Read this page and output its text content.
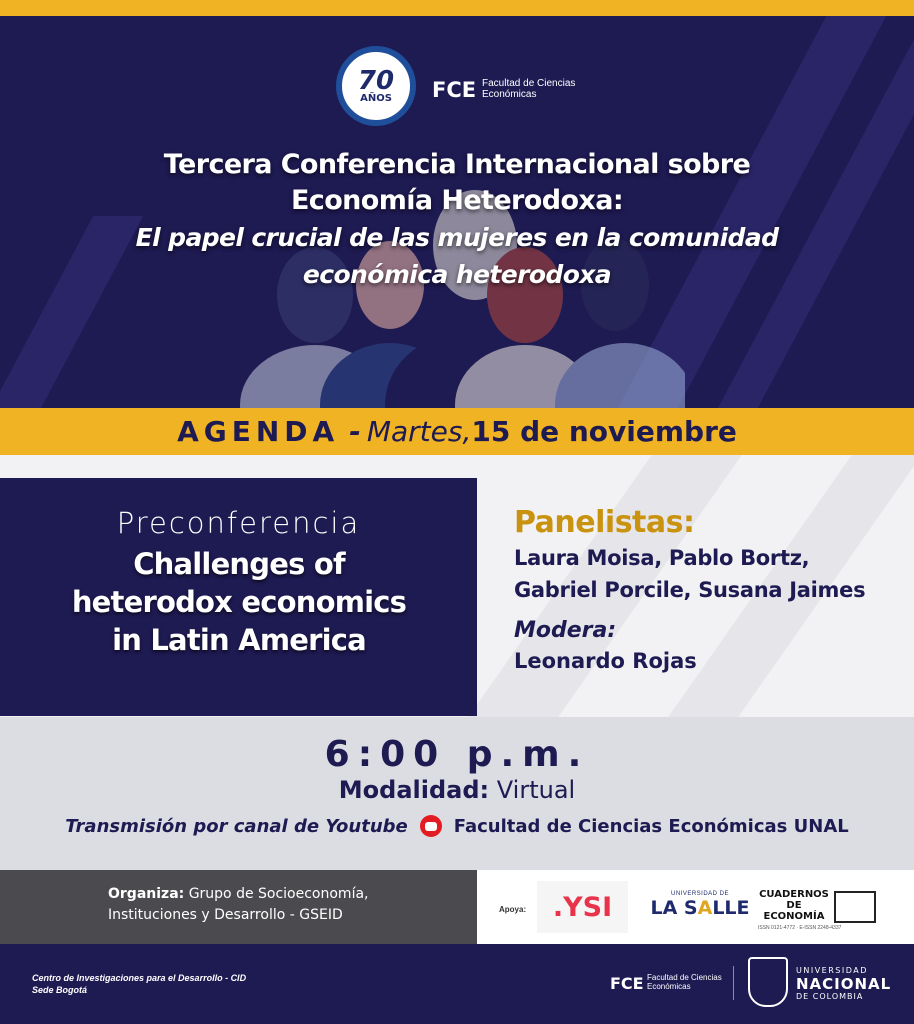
70
AÑOS FCE Facultad de Ciencias Económicas
Tercera Conferencia Internacional sobre
Economía Heterodoxa:
El papel crucial de las mujeres en la comunidad
económica heterodoxa
AGENDA - Martes, 15 de noviembre
Preconferencia
Challenges of
heterodox economics
in Latin America
Panelistas:
Laura Moisa, Pablo Bortz,
Gabriel Porcile, Susana Jaimes
Modera:
Leonardo Rojas
6:00 p.m.
Modalidad: Virtual
Transmisión por canal de Youtube	Facultad de Ciencias Económicas UNAL
Organiza: Grupo de Socioeconomía,
Instituciones y Desarrollo - GSEID	Apoya: .YSI	UNIVERSIDAD DE
LA SALLE
CUADERNOS
DE
ECONOMÍA
ISSN 0121-4772 · E-ISSN 2248-4337
Centro de Investigaciones para el Desarrollo - CID
Sede Bogotá	FCE Facultad de Ciencias Económicas
UNIVERSIDAD
NACIONAL
DE COLOMBIA
